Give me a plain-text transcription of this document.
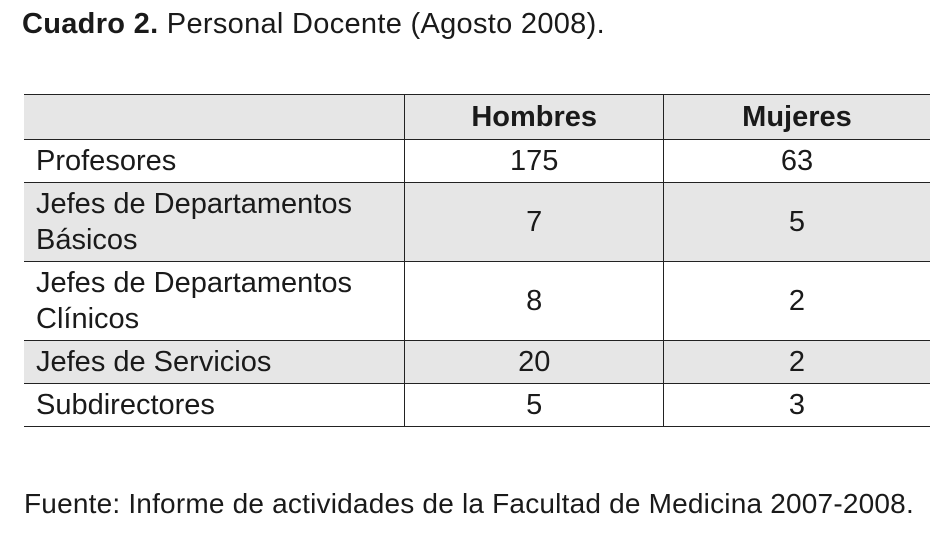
Cuadro 2. Personal Docente (Agosto 2008).
	Hombres	Mujeres
Profesores	175	63
Jefes de Departamentos
Básicos	7	5
Jefes de Departamentos
Clínicos	8	2
Jefes de Servicios	20	2
Subdirectores	5	3
Fuente: Informe de actividades de la Facultad de Medicina 2007-2008.
